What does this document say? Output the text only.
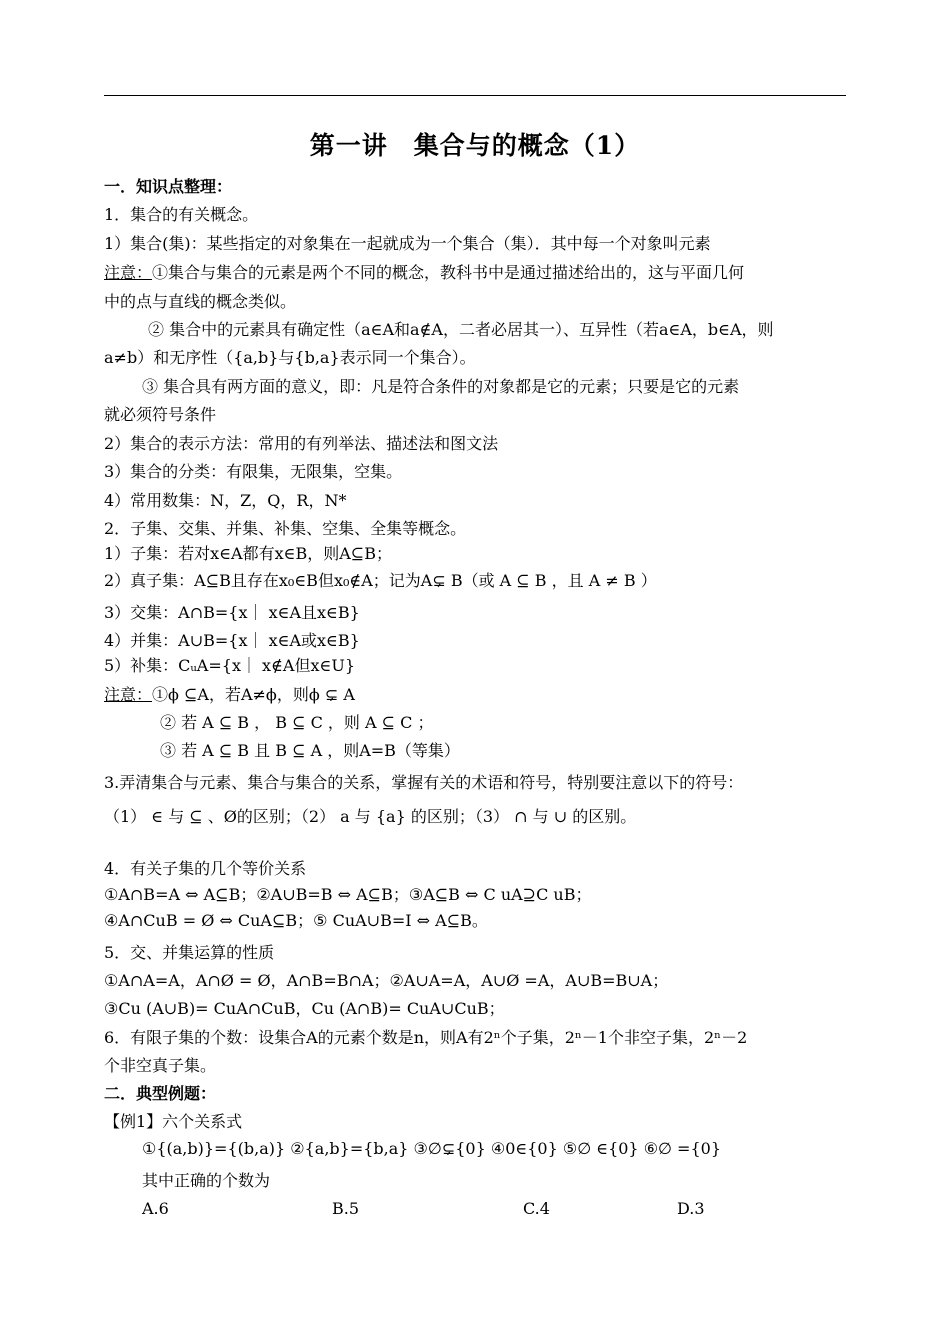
第一讲　集合与的概念（1）
一．知识点整理：
1．集合的有关概念。
1）集合(集)：某些指定的对象集在一起就成为一个集合（集）．其中每一个对象叫元素
注意：①集合与集合的元素是两个不同的概念，教科书中是通过描述给出的，这与平面几何
中的点与直线的概念类似。
② 集合中的元素具有确定性（a∈A和a∉A，二者必居其一）、互异性（若a∈A，b∈A，则
a≠b）和无序性（{a,b}与{b,a}表示同一个集合）。
③ 集合具有两方面的意义，即：凡是符合条件的对象都是它的元素；只要是它的元素
就必须符号条件
2）集合的表示方法：常用的有列举法、描述法和图文法
3）集合的分类：有限集，无限集，空集。
4）常用数集：N，Z，Q，R，N*
2．子集、交集、并集、补集、空集、全集等概念。
1）子集：若对x∈A都有x∈B，则A⊆B；
2）真子集：A⊆B且存在x₀∈B但x₀∉A；记为A⊊ B（或 A ⊆ B ，且 A ≠ B ）
3）交集：A∩B={x｜ x∈A且x∈B}
4）并集：A∪B={x｜ x∈A或x∈B}
5）补集：CᵤA={x｜ x∉A但x∈U}
注意：①ϕ ⊆A，若A≠ϕ，则ϕ ⊊ A
② 若 A ⊆ B ， B ⊆ C ，则 A ⊆ C ；
③ 若 A ⊆ B 且 B ⊆ A ，则A=B（等集）
3.弄清集合与元素、集合与集合的关系，掌握有关的术语和符号，特别要注意以下的符号：
（1） ∈ 与 ⊆ 、Ø的区别；（2） a 与 {a} 的区别；（3） ∩ 与 ∪ 的区别。
4．有关子集的几个等价关系
①A∩B=A ⇔ A⊆B；②A∪B=B ⇔ A⊆B；③A⊆B ⇔ C uA⊇C uB；
④A∩CuB = Ø ⇔ CuA⊆B；⑤ CuA∪B=I ⇔ A⊆B。
5．交、并集运算的性质
①A∩A=A，A∩Ø = Ø，A∩B=B∩A；②A∪A=A，A∪Ø =A，A∪B=B∪A；
③Cu (A∪B)= CuA∩CuB，Cu (A∩B)= CuA∪CuB；
6．有限子集的个数：设集合A的元素个数是n，则A有2ⁿ个子集，2ⁿ－1个非空子集，2ⁿ－2
个非空真子集。
二．典型例题：
【例1】六个关系式
①{(a,b)}={(b,a)} ②{a,b}={b,a} ③∅⊊{0} ④0∈{0} ⑤∅ ∈{0} ⑥∅ ={0}
其中正确的个数为
A.6	B.5	C.4	D.3
